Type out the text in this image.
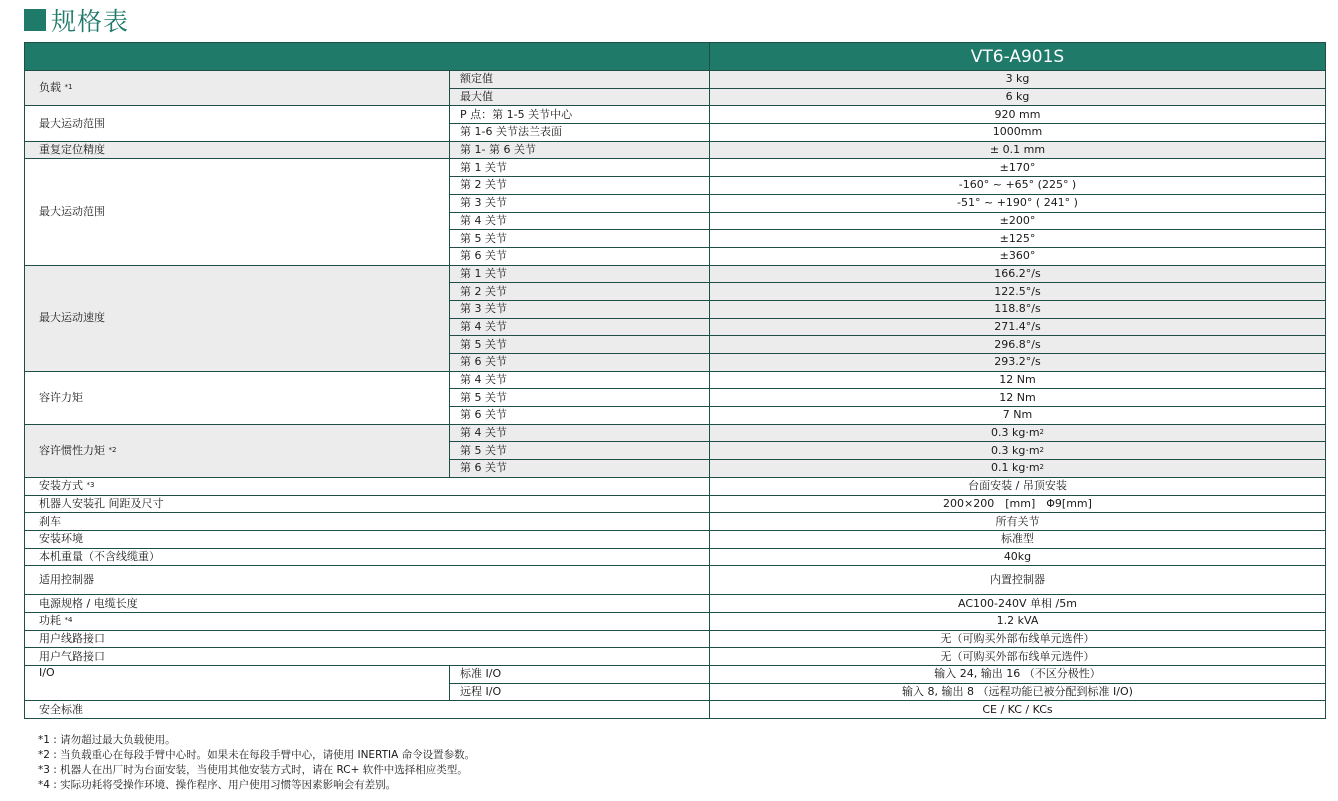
规格表
		VT6-A901S
负载 $^{*1}$	额定值	3 kg
	最大值	6 kg
最大运动范围	P 点：第 1-5 关节中心	920 mm
	第 1-6 关节法兰表面	1000mm
重复定位精度	第 1- 第 6 关节	± 0.1 mm
最大运动范围	第 1 关节	±170°
	第 2 关节	-160° ~ +65° (225° )
	第 3 关节	-51° ~ +190° ( 241° )
	第 4 关节	±200°
	第 5 关节	±125°
	第 6 关节	±360°
最大运动速度	第 1 关节	166.2°/s
	第 2 关节	122.5°/s
	第 3 关节	118.8°/s
	第 4 关节	271.4°/s
	第 5 关节	296.8°/s
	第 6 关节	293.2°/s
容许力矩	第 4 关节	12 Nm
	第 5 关节	12 Nm
	第 6 关节	7 Nm
容许惯性力矩 $^{*2}$	第 4 关节	0.3 $kg\cdot m^2$
	第 5 关节	0.3 $kg\cdot m^2$
	第 6 关节	0.1 $kg\cdot m^2$
安装方式 $^{*3}$		台面安装 / 吊顶安装
机器人安装孔 间距及尺寸		200×200　[mm]　Φ9[mm]
刹车		所有关节
安装环境		标准型
本机重量（不含线缆重）		40kg
适用控制器		内置控制器
电源规格 / 电缆长度		AC100-240V 单相 /5m
功耗 $^{*4}$		1.2 kVA
用户线路接口		无（可购买外部布线单元选件）
用户气路接口		无（可购买外部布线单元选件）
I/O	标准 I/O	输入 24, 输出 16 （不区分极性）
	远程 I/O	输入 8, 输出 8 （远程功能已被分配到标准 I/O)
安全标准		CE / KC / KCs
*1 : 请勿超过最大负载使用。
*2 : 当负载重心在每段手臂中心时。如果未在每段手臂中心，请使用 INERTIA 命令设置参数。
*3 : 机器人在出厂时为台面安装，当使用其他安装方式时，请在 RC+ 软件中选择相应类型。
*4 : 实际功耗将受操作环境、操作程序、用户使用习惯等因素影响会有差别。
